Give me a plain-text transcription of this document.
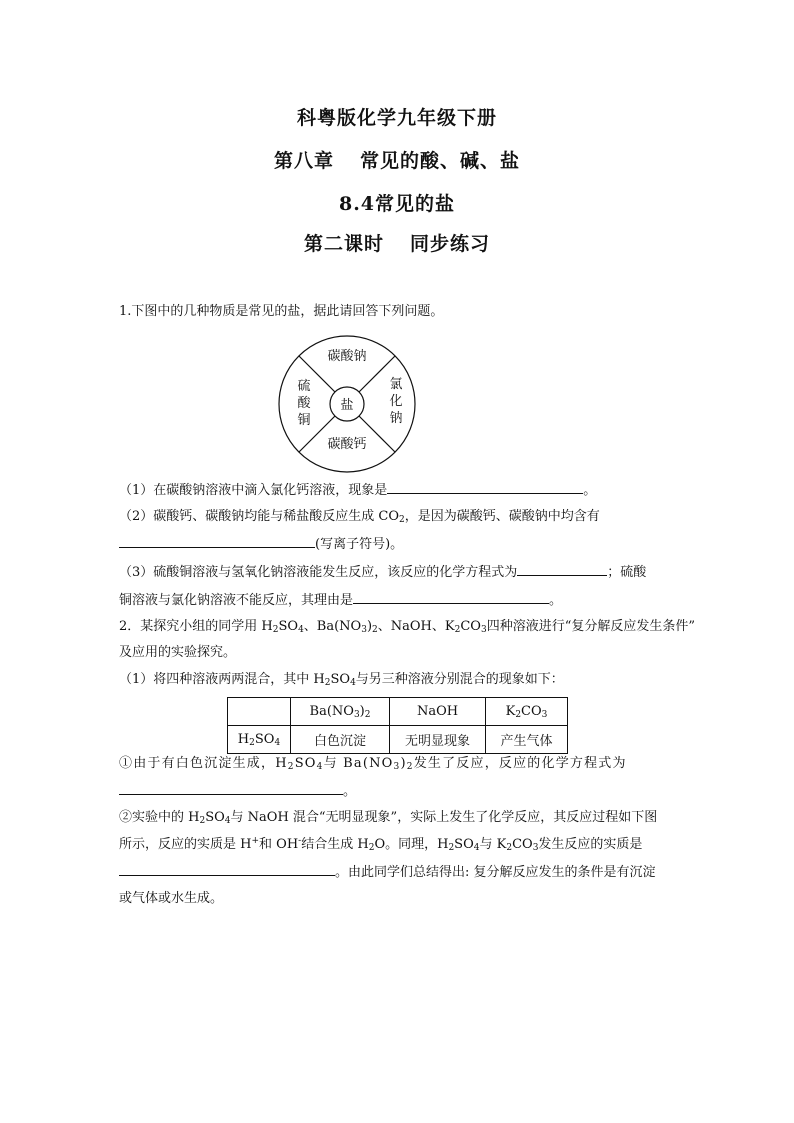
科粤版化学九年级下册
第八章 常见的酸、碱、盐
8.4常见的盐
第二课时 同步练习
1.下图中的几种物质是常见的盐，据此请回答下列问题。
盐
碳酸钠
碳酸钙
氯
化
钠
硫
酸
铜
（1）在碳酸钠溶液中滴入氯化钙溶液，现象是	。
（2）碳酸钙、碳酸钠均能与稀盐酸反应生成 $CO_2$，是因为碳酸钙、碳酸钠中均含有
(写离子符号)。
（3）硫酸铜溶液与氢氧化钠溶液能发生反应，该反应的化学方程式为	；硫酸
铜溶液与氯化钠溶液不能反应，其理由是	。
2．某探究小组的同学用 $H_2SO_4$、$Ba(NO_3)_2$、NaOH、$K_2CO_3$四种溶液进行“复分解反应发生条件”
及应用的实验探究。
（1）将四种溶液两两混合，其中 $H_2SO_4$与另三种溶液分别混合的现象如下：
	$Ba(NO_3)_2$	NaOH	$K_2CO_3$
$H_2SO_4$	白色沉淀	无明显现象	产生气体
①由于有白色沉淀生成，$H_2SO_4$与 $Ba(NO_3)_2$发生了反应，反应的化学方程式为
。
②实验中的 $H_2SO_4$与 NaOH 混合“无明显现象”，实际上发生了化学反应，其反应过程如下图
所示，反应的实质是 H+和 OH-结合生成 $H_2O$。同理，$H_2SO_4$与 $K_2CO_3$发生反应的实质是
。由此同学们总结得出: 复分解反应发生的条件是有沉淀
或气体或水生成。
